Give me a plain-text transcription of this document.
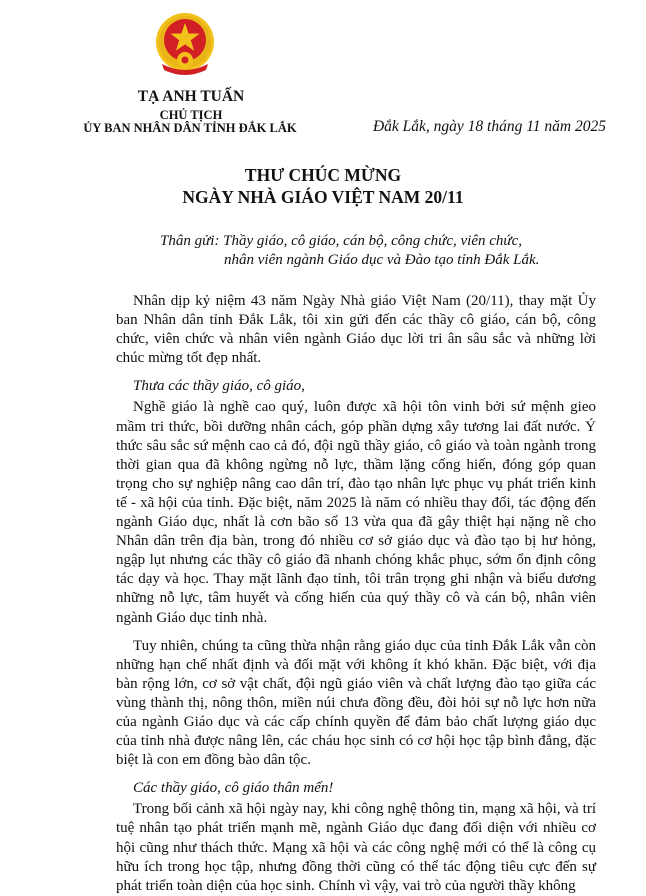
TẠ ANH TUẤN
CHỦ TỊCH
ỦY BAN NHÂN DÂN TỈNH ĐẮK LẮK	Đắk Lắk, ngày 18 tháng 11 năm 2025
THƯ CHÚC MỪNG
NGÀY NHÀ GIÁO VIỆT NAM 20/11
Thân gửi: Thầy giáo, cô giáo, cán bộ, công chức, viên chức,
nhân viên ngành Giáo dục và Đào tạo tỉnh Đắk Lắk.

Nhân dịp kỷ niệm 43 năm Ngày Nhà giáo Việt Nam (20/11), thay mặt Ủy ban Nhân dân tỉnh Đắk Lắk, tôi xin gửi đến các thầy cô giáo, cán bộ, công chức, viên chức và nhân viên ngành Giáo dục lời tri ân sâu sắc và những lời chúc mừng tốt đẹp nhất.

Thưa các thầy giáo, cô giáo,

Nghề giáo là nghề cao quý, luôn được xã hội tôn vinh bởi sứ mệnh gieo mầm tri thức, bồi dưỡng nhân cách, góp phần dựng xây tương lai đất nước. Ý thức sâu sắc sứ mệnh cao cả đó, đội ngũ thầy giáo, cô giáo và toàn ngành trong thời gian qua đã không ngừng nỗ lực, thầm lặng cống hiến, đóng góp quan trọng cho sự nghiệp nâng cao dân trí, đào tạo nhân lực phục vụ phát triển kinh tế - xã hội của tỉnh. Đặc biệt, năm 2025 là năm có nhiều thay đổi, tác động đến ngành Giáo dục, nhất là cơn bão số 13 vừa qua đã gây thiệt hại nặng nề cho Nhân dân trên địa bàn, trong đó nhiều cơ sở giáo dục và đào tạo bị hư hỏng, ngập lụt nhưng các thầy cô giáo đã nhanh chóng khắc phục, sớm ổn định công tác dạy và học. Thay mặt lãnh đạo tỉnh, tôi trân trọng ghi nhận và biểu dương những nỗ lực, tâm huyết và cống hiến của quý thầy cô và cán bộ, nhân viên ngành Giáo dục tỉnh nhà.

Tuy nhiên, chúng ta cũng thừa nhận rằng giáo dục của tỉnh Đắk Lắk vẫn còn những hạn chế nhất định và đối mặt với không ít khó khăn. Đặc biệt, với địa bàn rộng lớn, cơ sở vật chất, đội ngũ giáo viên và chất lượng đào tạo giữa các vùng thành thị, nông thôn, miền núi chưa đồng đều, đòi hỏi sự nỗ lực hơn nữa của ngành Giáo dục và các cấp chính quyền để đảm bảo chất lượng giáo dục của tỉnh nhà được nâng lên, các cháu học sinh có cơ hội học tập bình đẳng, đặc biệt là con em đồng bào dân tộc.

Các thầy giáo, cô giáo thân mến!

Trong bối cảnh xã hội ngày nay, khi công nghệ thông tin, mạng xã hội, và trí tuệ nhân tạo phát triển mạnh mẽ, ngành Giáo dục đang đối diện với nhiều cơ hội cũng như thách thức. Mạng xã hội và các công nghệ mới có thể là công cụ hữu ích trong học tập, nhưng đồng thời cũng có thể tác động tiêu cực đến sự phát triển toàn diện của học sinh. Chính vì vậy, vai trò của người thầy không
